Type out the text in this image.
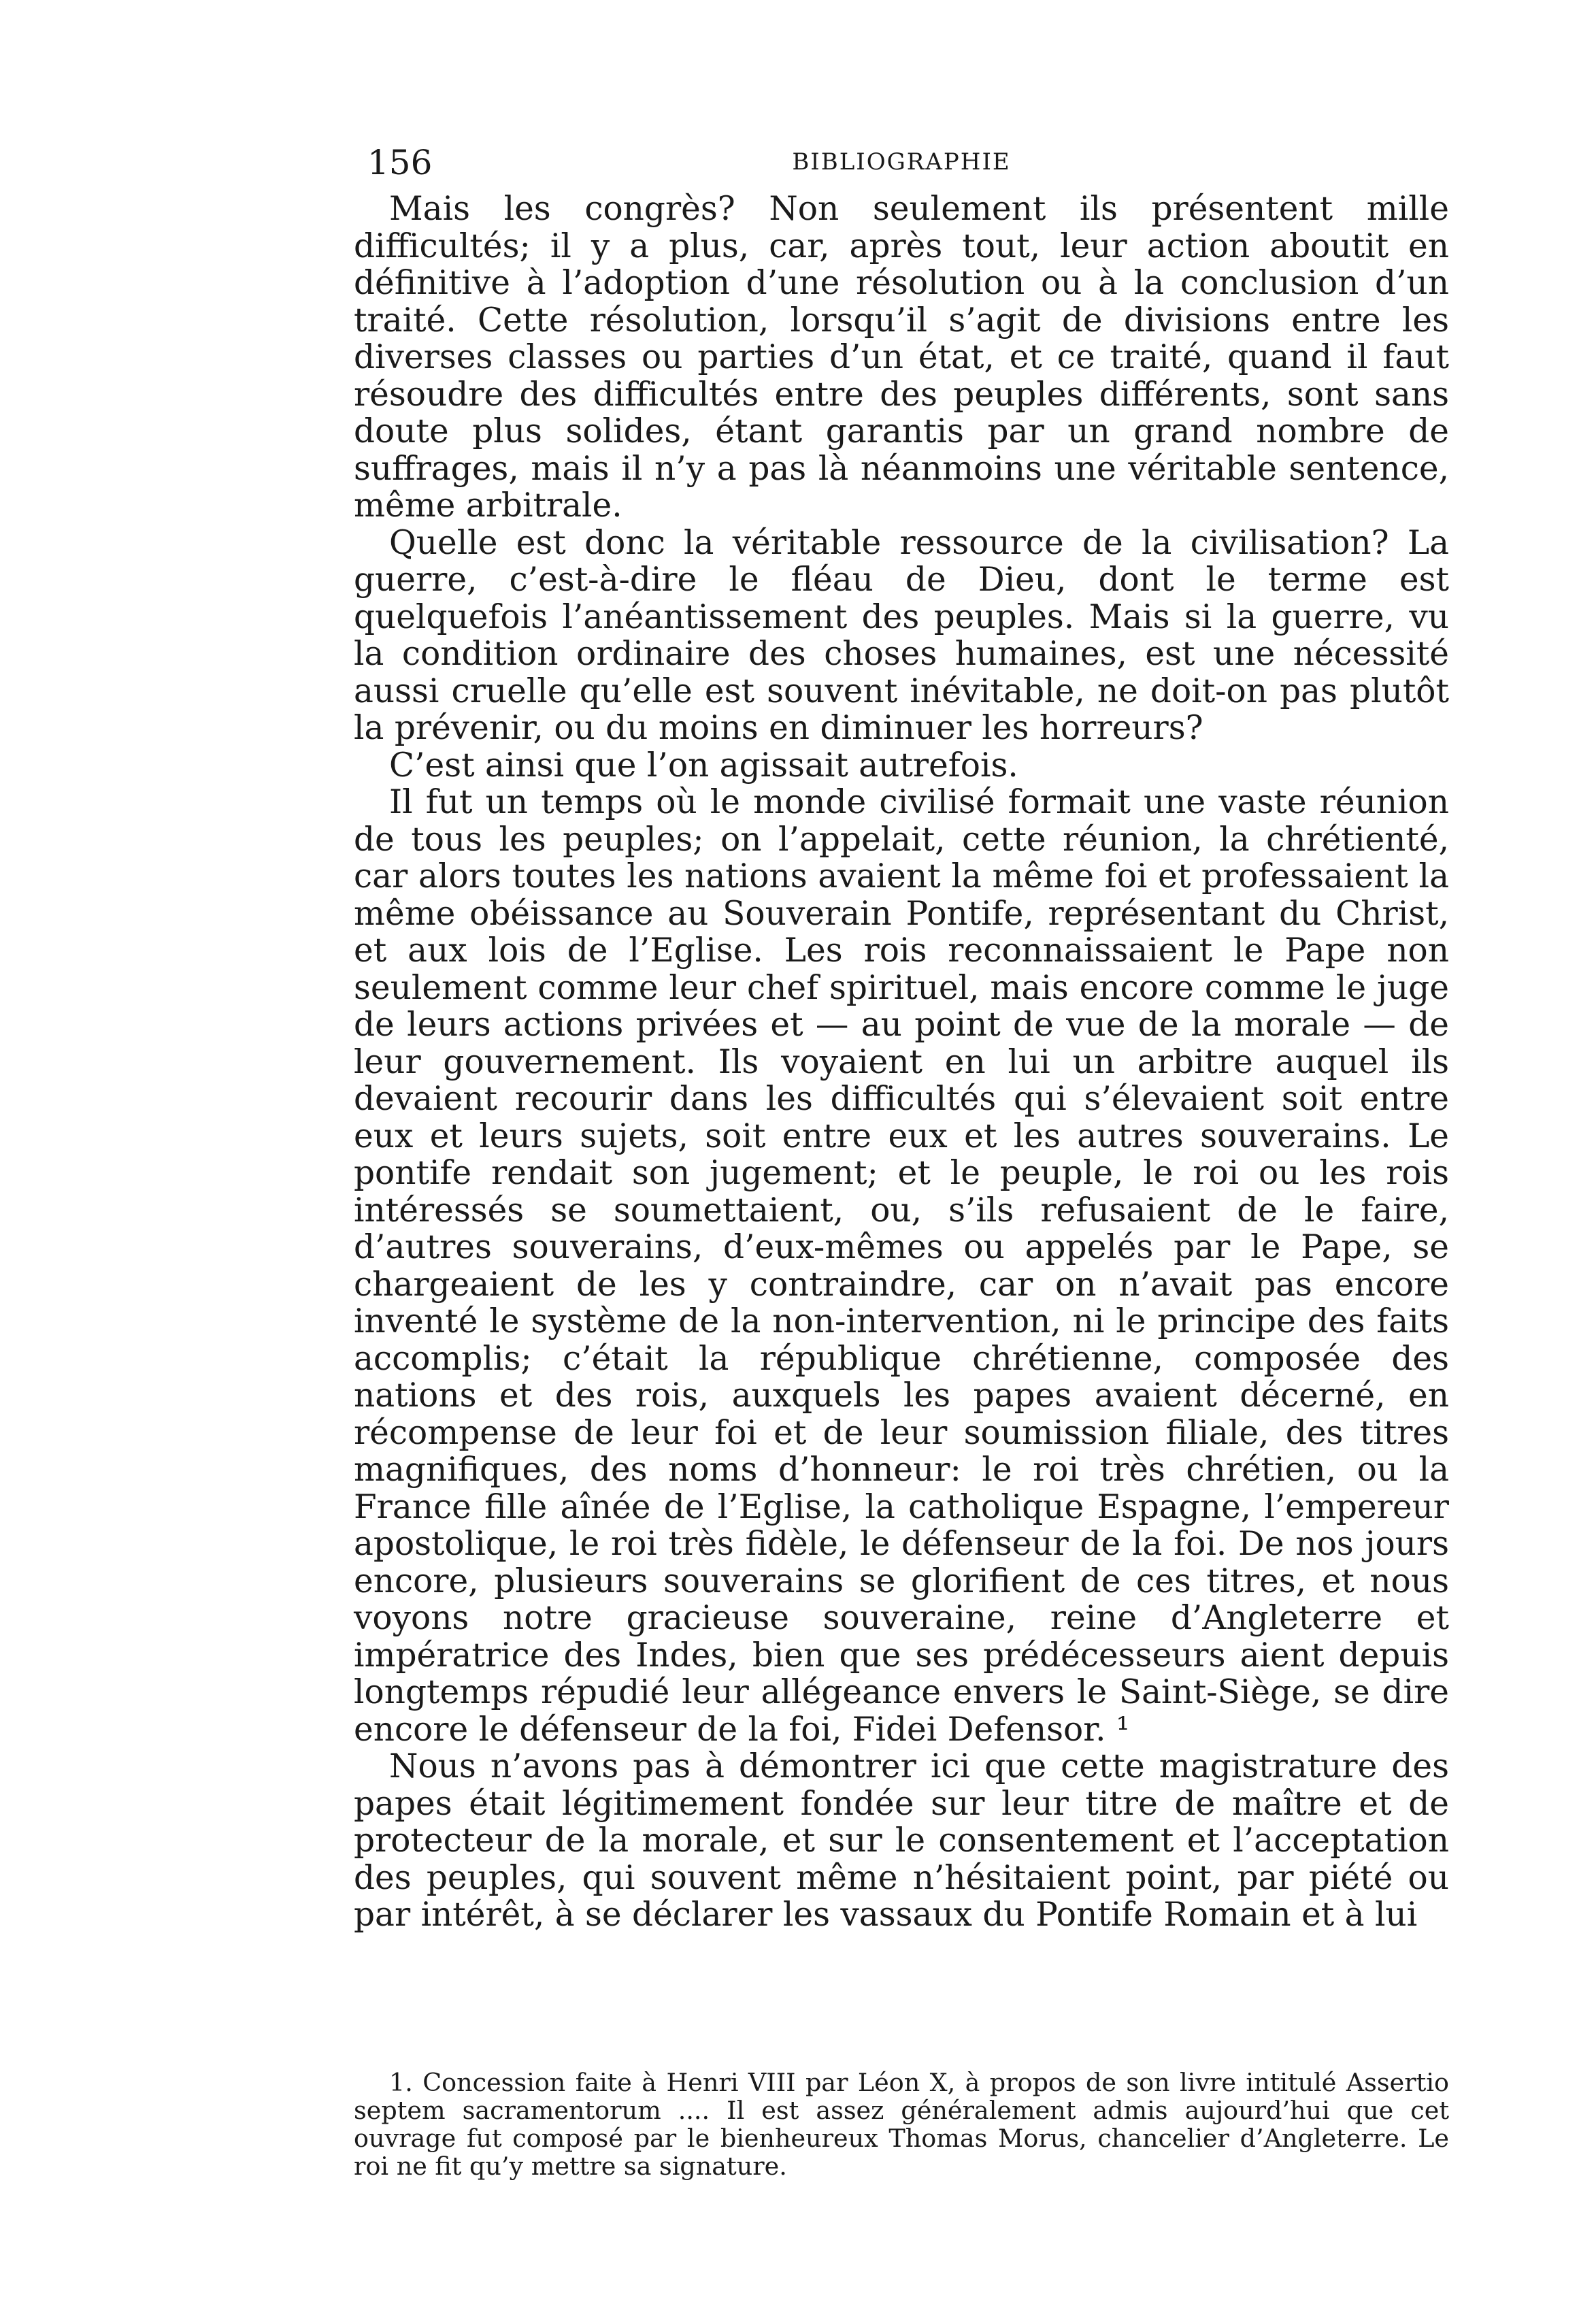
156	BIBLIOGRAPHIE

Mais les congrès? Non seulement ils présentent mille difficultés; il y a plus, car, après tout, leur action aboutit en définitive à l’adoption d’une résolution ou à la conclusion d’un traité. Cette résolution, lorsqu’il s’agit de divisions entre les diverses classes ou parties d’un état, et ce traité, quand il faut résoudre des difficultés entre des peuples différents, sont sans doute plus solides, étant garantis par un grand nombre de suffrages, mais il n’y a pas là néanmoins une véritable sentence, même arbitrale.

Quelle est donc la véritable ressource de la civilisation? La guerre, c’est-à-dire le fléau de Dieu, dont le terme est quelquefois l’anéantissement des peuples. Mais si la guerre, vu la condition ordinaire des choses humaines, est une nécessité aussi cruelle qu’elle est souvent inévitable, ne doit-on pas plutôt la prévenir, ou du moins en diminuer les horreurs?

C’est ainsi que l’on agissait autrefois.

Il fut un temps où le monde civilisé formait une vaste réunion de tous les peuples; on l’appelait, cette réunion, la chrétienté, car alors toutes les nations avaient la même foi et professaient la même obéissance au Souverain Pontife, représentant du Christ, et aux lois de l’Eglise. Les rois reconnaissaient le Pape non seulement comme leur chef spirituel, mais encore comme le juge de leurs actions privées et — au point de vue de la morale — de leur gouvernement. Ils voyaient en lui un arbitre auquel ils devaient recourir dans les difficultés qui s’élevaient soit entre eux et leurs sujets, soit entre eux et les autres souverains. Le pontife rendait son jugement; et le peuple, le roi ou les rois intéressés se soumettaient, ou, s’ils refusaient de le faire, d’autres souverains, d’eux-mêmes ou appelés par le Pape, se chargeaient de les y contraindre, car on n’avait pas encore inventé le système de la non-intervention, ni le principe des faits accomplis; c’était la république chrétienne, composée des nations et des rois, auxquels les papes avaient décerné, en récompense de leur foi et de leur soumission filiale, des titres magnifiques, des noms d’honneur: le roi très chrétien, ou la France fille aînée de l’Eglise, la catholique Espagne, l’empereur apostolique, le roi très fidèle, le défenseur de la foi. De nos jours encore, plusieurs souverains se glorifient de ces titres, et nous voyons notre gracieuse souveraine, reine d’Angleterre et impératrice des Indes, bien que ses prédécesseurs aient depuis longtemps répudié leur allégeance envers le Saint-Siège, se dire encore le défenseur de la foi, Fidei Defensor. ¹

Nous n’avons pas à démontrer ici que cette magistrature des papes était légitimement fondée sur leur titre de maître et de protecteur de la morale, et sur le consentement et l’acceptation des peuples, qui souvent même n’hésitaient point, par piété ou par intérêt, à se déclarer les vassaux du Pontife Romain et à lui

1. Concession faite à Henri VIII par Léon X, à propos de son livre intitulé Assertio septem sacramentorum .... Il est assez généralement admis aujourd’hui que cet ouvrage fut composé par le bienheureux Thomas Morus, chancelier d’Angleterre. Le roi ne fit qu’y mettre sa signature.
